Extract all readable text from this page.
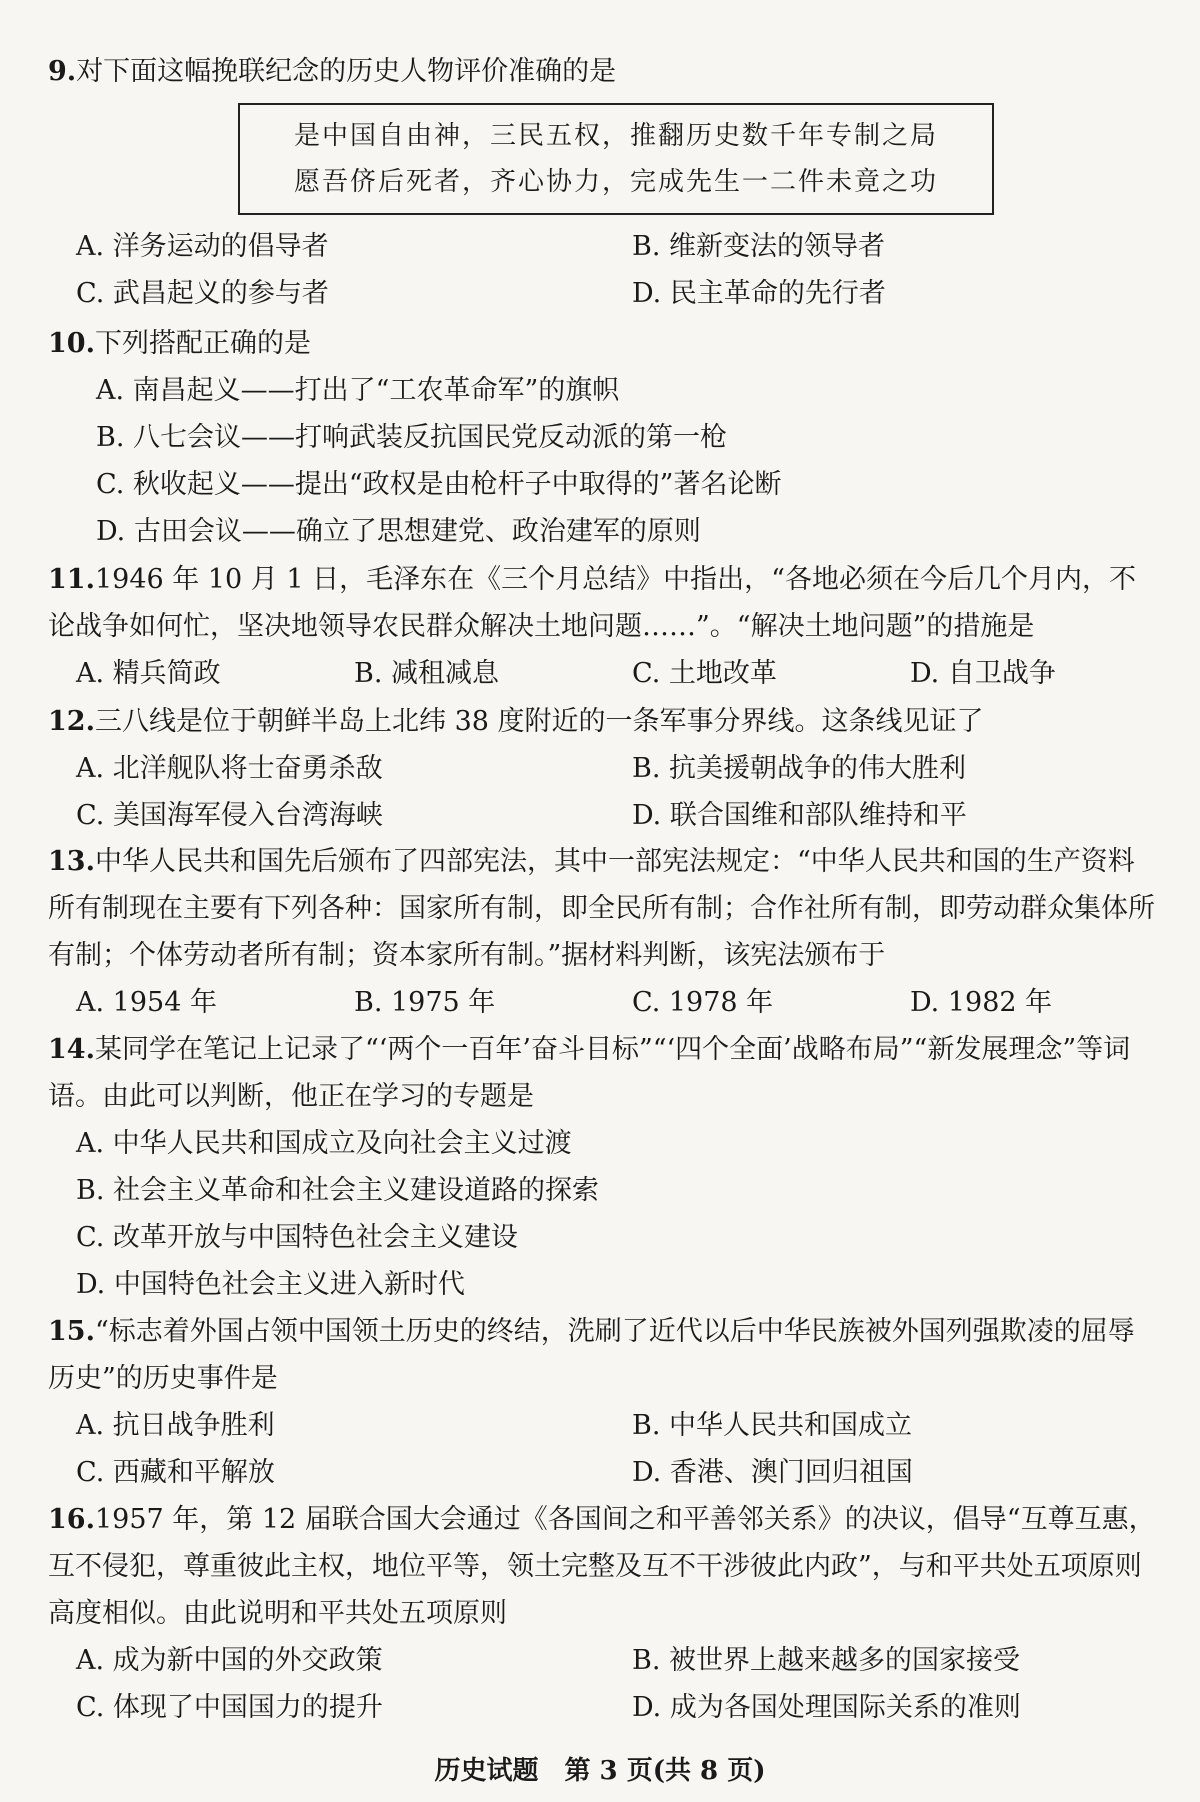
9.对下面这幅挽联纪念的历史人物评价准确的是
是中国自由神，三民五权，推翻历史数千年专制之局
愿吾侪后死者，齐心协力，完成先生一二件未竟之功
A. 洋务运动的倡导者	B. 维新变法的领导者
C. 武昌起义的参与者	D. 民主革命的先行者
10.下列搭配正确的是
A. 南昌起义——打出了“工农革命军”的旗帜
B. 八七会议——打响武装反抗国民党反动派的第一枪
C. 秋收起义——提出“政权是由枪杆子中取得的”著名论断
D. 古田会议——确立了思想建党、政治建军的原则
11.1946 年 10 月 1 日，毛泽东在《三个月总结》中指出，“各地必须在今后几个月内，不论战争如何忙，坚决地领导农民群众解决土地问题……”。“解决土地问题”的措施是
A. 精兵简政	B. 减租减息	C. 土地改革	D. 自卫战争
12.三八线是位于朝鲜半岛上北纬 38 度附近的一条军事分界线。这条线见证了
A. 北洋舰队将士奋勇杀敌	B. 抗美援朝战争的伟大胜利
C. 美国海军侵入台湾海峡	D. 联合国维和部队维持和平
13.中华人民共和国先后颁布了四部宪法，其中一部宪法规定：“中华人民共和国的生产资料所有制现在主要有下列各种：国家所有制，即全民所有制；合作社所有制，即劳动群众集体所有制；个体劳动者所有制；资本家所有制。”据材料判断，该宪法颁布于
A. 1954 年	B. 1975 年	C. 1978 年	D. 1982 年
14.某同学在笔记上记录了“‘两个一百年’奋斗目标”“‘四个全面’战略布局”“新发展理念”等词语。由此可以判断，他正在学习的专题是
A. 中华人民共和国成立及向社会主义过渡
B. 社会主义革命和社会主义建设道路的探索
C. 改革开放与中国特色社会主义建设
D. 中国特色社会主义进入新时代
15.“标志着外国占领中国领土历史的终结，洗刷了近代以后中华民族被外国列强欺凌的屈辱历史”的历史事件是
A. 抗日战争胜利	B. 中华人民共和国成立
C. 西藏和平解放	D. 香港、澳门回归祖国
16.1957 年，第 12 届联合国大会通过《各国间之和平善邻关系》的决议，倡导“互尊互惠，互不侵犯，尊重彼此主权，地位平等，领土完整及互不干涉彼此内政”，与和平共处五项原则高度相似。由此说明和平共处五项原则
A. 成为新中国的外交政策	B. 被世界上越来越多的国家接受
C. 体现了中国国力的提升	D. 成为各国处理国际关系的准则
历史试题　第 3 页(共 8 页)
